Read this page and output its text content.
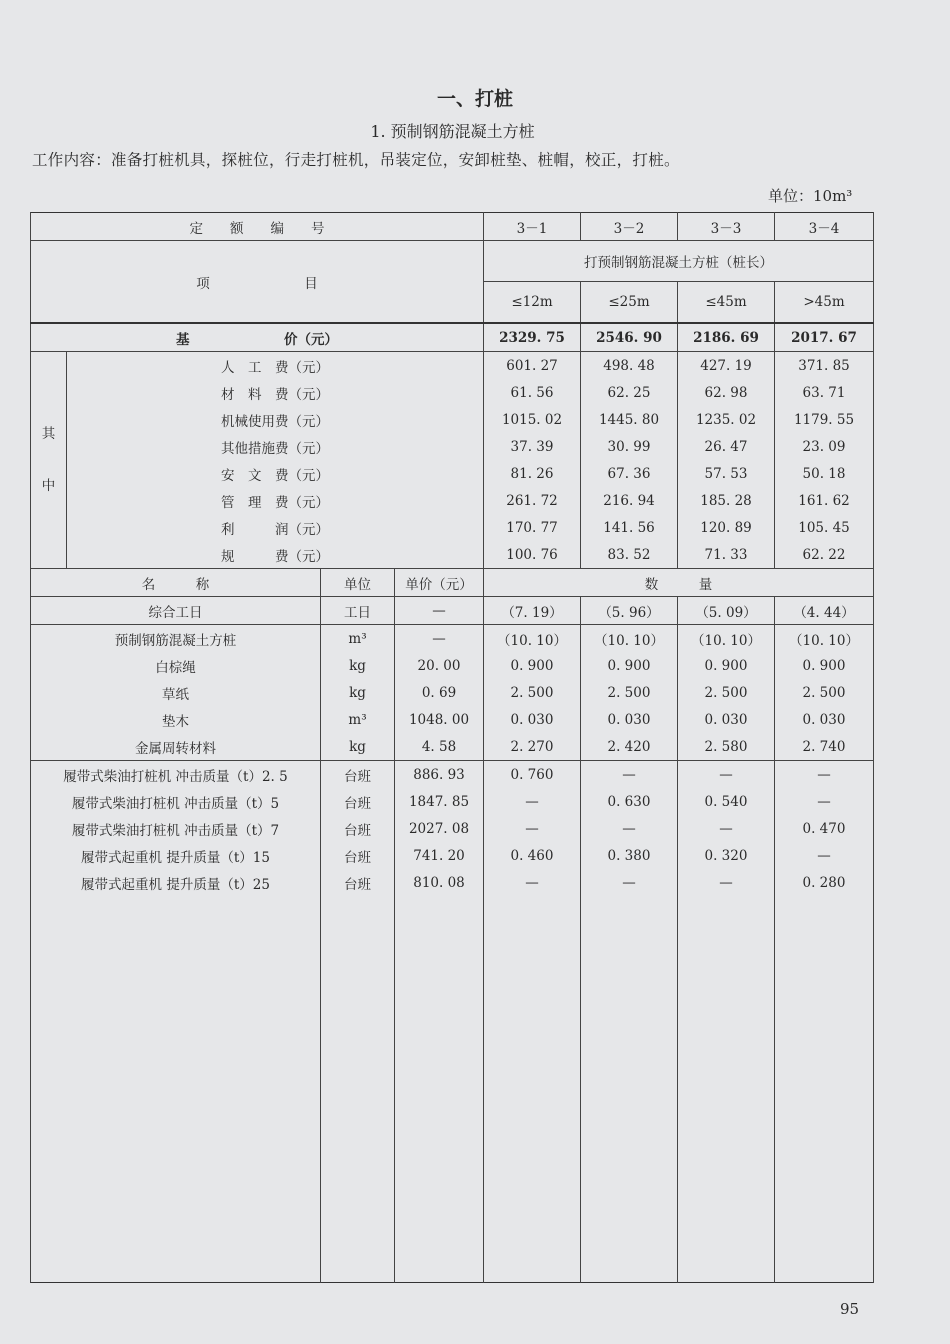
一、打桩
1. 预制钢筋混凝土方桩
工作内容：准备打桩机具，探桩位，行走打桩机，吊装定位，安卸桩垫、桩帽，校正，打桩。
单位：10m³
定　　额　　编　　号				3－1	3－2	3－3	3－4
项　　　　　　　目				打预制钢筋混凝土方桩（桩长）			
				≤12m	≤25m	≤45m	>45m
基　　　　　　　价（元）				2329. 75	2546. 90	2186. 69	2017. 67

其
中	人　工　费（元）			601. 27	498. 48	427. 19	371. 85
	材　料　费（元）			61. 56	62. 25	62. 98	63. 71
	机械使用费（元）			1015. 02	1445. 80	1235. 02	1179. 55
	其他措施费（元）			37. 39	30. 99	26. 47	23. 09
	安　文　费（元）			81. 26	67. 36	57. 53	50. 18
	管　理　费（元）			261. 72	216. 94	185. 28	161. 62
	利　　　润（元）			170. 77	141. 56	120. 89	105. 45
	规　　　费（元）			100. 76	83. 52	71. 33	62. 22
名　　　称		单位	单价（元）	数　　　量			
综合工日		工日	—	（7. 19）	（5. 96）	（5. 09）	（4. 44）
预制钢筋混凝土方桩		m³	—	（10. 10）	（10. 10）	（10. 10）	（10. 10）
白棕绳		kg	20. 00	0. 900	0. 900	0. 900	0. 900
草纸		kg	0. 69	2. 500	2. 500	2. 500	2. 500
垫木		m³	1048. 00	0. 030	0. 030	0. 030	0. 030
金属周转材料		kg	4. 58	2. 270	2. 420	2. 580	2. 740
履带式柴油打桩机 冲击质量（t）2. 5		台班	886. 93	0. 760	—	—	—
履带式柴油打桩机 冲击质量（t）5		台班	1847. 85	—	0. 630	0. 540	—
履带式柴油打桩机 冲击质量（t）7		台班	2027. 08	—	—	—	0. 470
履带式起重机 提升质量（t）15		台班	741. 20	0. 460	0. 380	0. 320	—
履带式起重机 提升质量（t）25		台班	810. 08	—	—	—	0. 280

95
